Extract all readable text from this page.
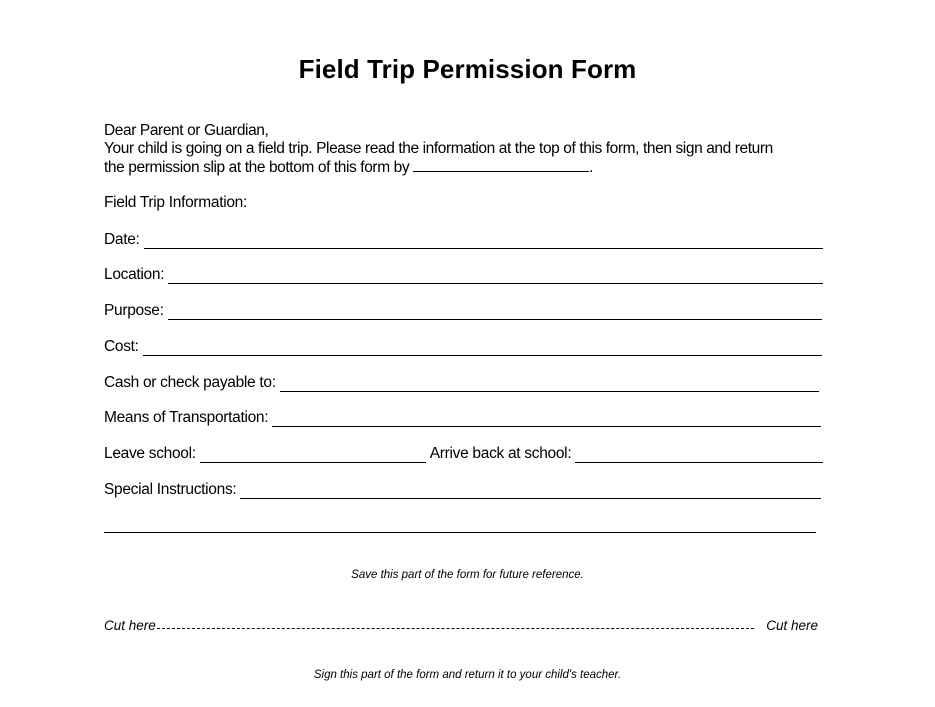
Field Trip Permission Form
Dear Parent or Guardian,
Your child is going on a field trip. Please read the information at the top of this form, then sign and return
the permission slip at the bottom of this form by	.
Field Trip Information:
Date:
Location:
Purpose:
Cost:
Cash or check payable to:
Means of Transportation:
Leave school:	Arrive back at school:
Special Instructions:
Save this part of the form for future reference.
Cut here	Cut here
Sign this part of the form and return it to your child's teacher.
